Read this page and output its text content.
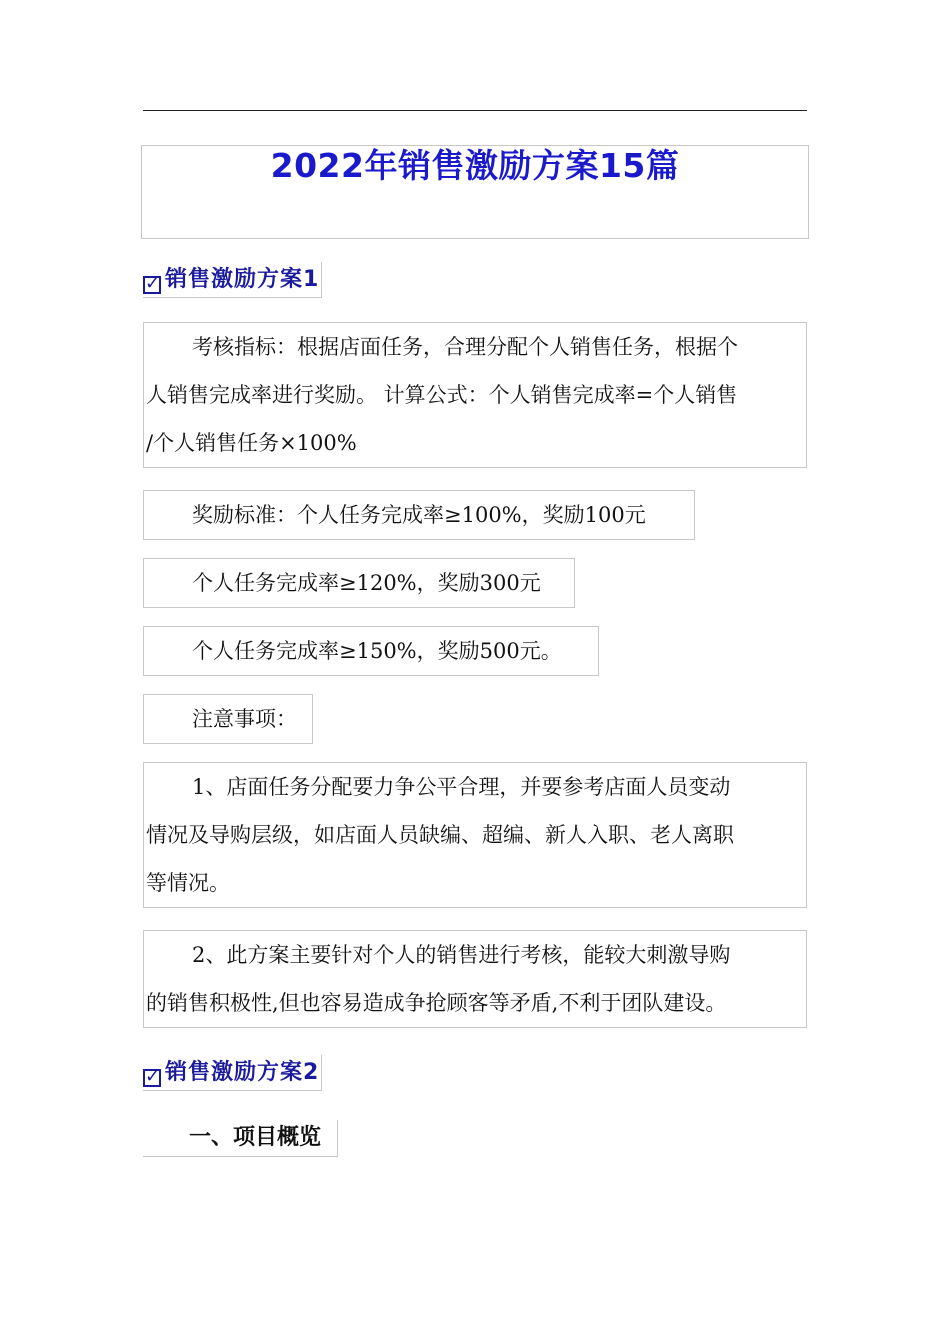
2022年销售激励方案15篇
✓ 销售激励方案1
考核指标：根据店面任务，合理分配个人销售任务，根据个
人销售完成率进行奖励。 计算公式：个人销售完成率=个人销售
/个人销售任务×100%
奖励标准：个人任务完成率≥100%，奖励100元
个人任务完成率≥120%，奖励300元
个人任务完成率≥150%，奖励500元。
注意事项：
1、店面任务分配要力争公平合理，并要参考店面人员变动
情况及导购层级，如店面人员缺编、超编、新人入职、老人离职
等情况。
2、此方案主要针对个人的销售进行考核，能较大刺激导购
的销售积极性,但也容易造成争抢顾客等矛盾,不利于团队建设。
✓ 销售激励方案2
一、项目概览
